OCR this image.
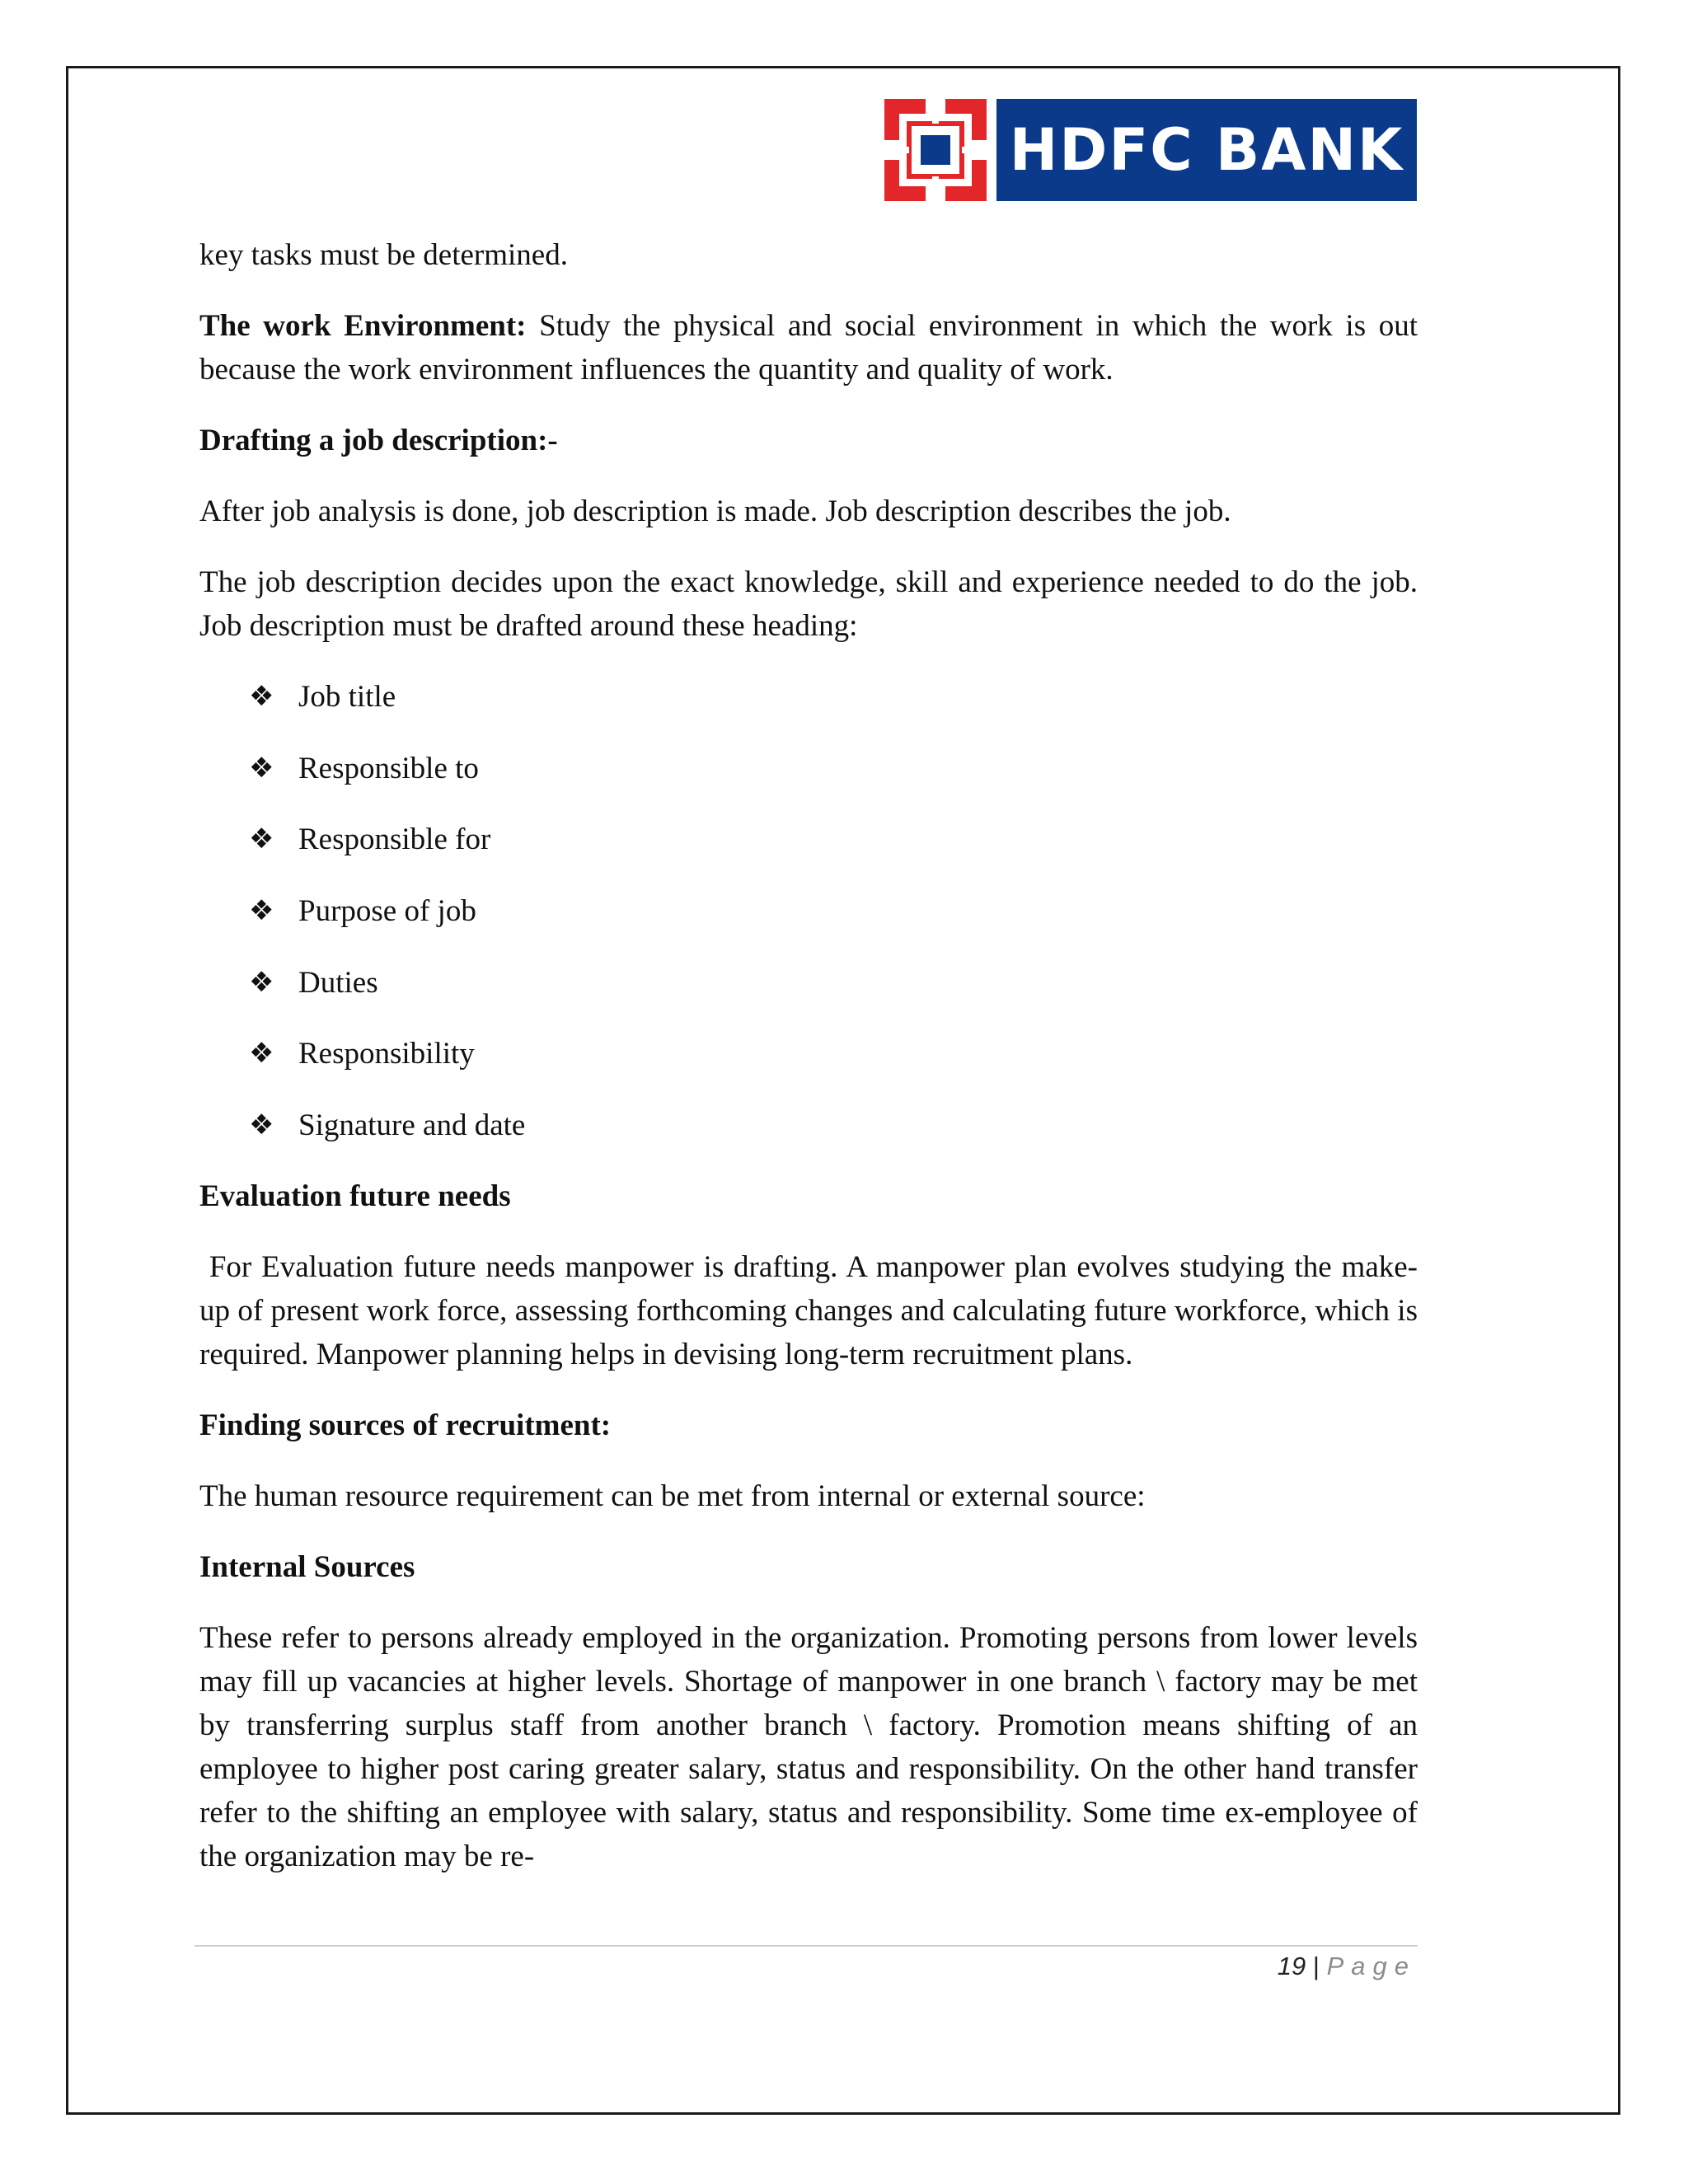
HDFC BANK

key tasks must be determined.

The work Environment: Study the physical and social environment in which the work is out because the work environment influences the quantity and quality of work.

Drafting a job description:-

After job analysis is done, job description is made. Job description describes the job.

The job description decides upon the exact knowledge, skill and experience needed to do the job. Job description must be drafted around these heading:

❖ Job title
❖ Responsible to
❖ Responsible for
❖ Purpose of job
❖ Duties
❖ Responsibility
❖ Signature and date

Evaluation future needs

For Evaluation future needs manpower is drafting. A manpower plan evolves studying the make-up of present work force, assessing forthcoming changes and calculating future workforce, which is required. Manpower planning helps in devising long-term recruitment plans.

Finding sources of recruitment:

The human resource requirement can be met from internal or external source:

Internal Sources

These refer to persons already employed in the organization. Promoting persons from lower levels may fill up vacancies at higher levels. Shortage of manpower in one branch \ factory may be met by transferring surplus staff from another branch \ factory. Promotion means shifting of an employee to higher post caring greater salary, status and responsibility. On the other hand transfer refer to the shifting an employee with salary, status and responsibility. Some time ex-employee of the organization may be re-

19 | Page
